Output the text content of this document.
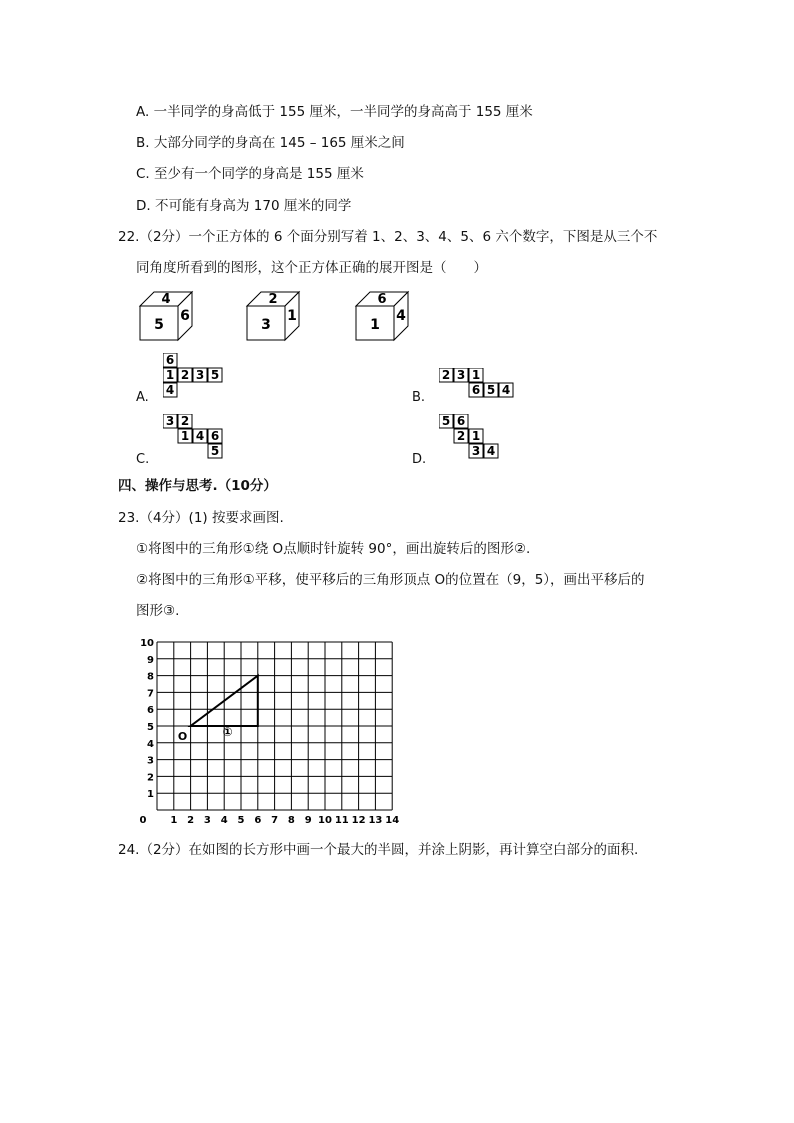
A. 一半同学的身高低于 155 厘米，一半同学的身高高于 155 厘米
B. 大部分同学的身高在 145 – 165 厘米之间
C. 至少有一个同学的身高是 155 厘米
D. 不可能有身高为 170 厘米的同学
22.（2分）一个正方体的 6 个面分别写着 1、2、3、4、5、6 六个数字，下图是从三个不
同角度所看到的图形，这个正方体正确的展开图是（　　）
4
5
6
2
3
1
6
1
4
A.
6
1 2 3 5
4	B.
2 3 1
6 5 4
C.
3 2
1 4 6
5
D.
5 6
2 1
3 4
四、操作与思考.（10分）
23.（4分）(1) 按要求画图.
①将图中的三角形①绕 O点顺时针旋转 90°，画出旋转后的图形②.
②将图中的三角形①平移，使平移后的三角形顶点 O的位置在（9，5），画出平移后的
图形③.
0 1 2 3 4 5 6 7 8 9 10 11 12 13 14
1
2
3
4
5
6
7
8
9
10
O	①
24.（2分）在如图的长方形中画一个最大的半圆，并涂上阴影，再计算空白部分的面积.
